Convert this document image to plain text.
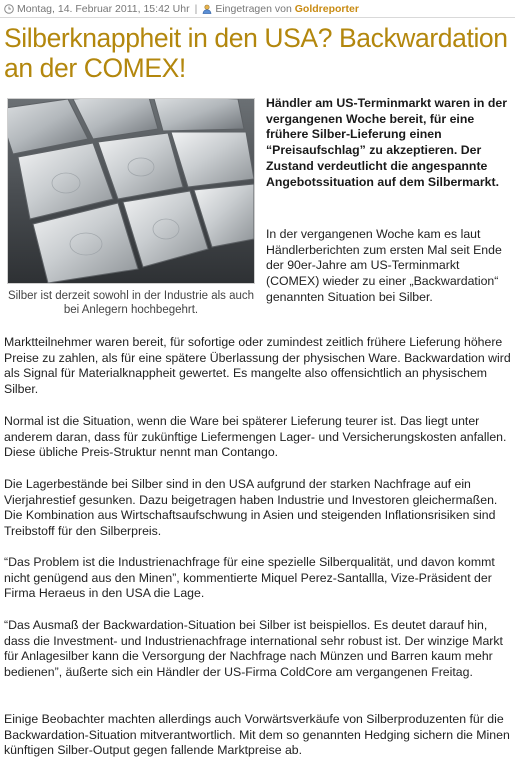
Montag, 14. Februar 2011, 15:42 Uhr | Eingetragen von
Goldreporter
Silberknappheit in den USA? Backwardation an der COMEX!

Silber ist derzeit sowohl in der Industrie als auch bei Anlegern hochbegehrt.

Händler am US-Terminmarkt waren in der vergangenen Woche bereit, für eine frühere Silber-Lieferung einen “Preisaufschlag” zu akzeptieren. Der Zustand verdeutlicht die angespannte Angebotssituation auf dem Silbermarkt.

In der vergangenen Woche kam es laut Händlerberichten zum ersten Mal seit Ende der 90er-Jahre am US-Terminmarkt (COMEX) wieder zu einer „Backwardation“ genannten Situation bei Silber.

Marktteilnehmer waren bereit, für sofortige oder zumindest zeitlich frühere Lieferung höhere Preise zu zahlen, als für eine spätere Überlassung der physischen Ware. Backwardation wird als Signal für Materialknappheit gewertet. Es mangelte also offensichtlich an physischem Silber.

Normal ist die Situation, wenn die Ware bei späterer Lieferung teurer ist. Das liegt unter anderem daran, dass für zukünftige Liefermengen Lager- und Versicherungskosten anfallen. Diese übliche Preis-Struktur nennt man Contango.

Die Lagerbestände bei Silber sind in den USA aufgrund der starken Nachfrage auf ein Vierjahrestief gesunken. Dazu beigetragen haben Industrie und Investoren gleichermaßen. Die Kombination aus Wirtschaftsaufschwung in Asien und steigenden Inflationsrisiken sind Treibstoff für den Silberpreis.

“Das Problem ist die Industrienachfrage für eine spezielle Silberqualität, und davon kommt nicht genügend aus den Minen”, kommentierte Miquel Perez-Santallla, Vize-Präsident der Firma Heraeus in den USA die Lage.

“Das Ausmaß der Backwardation-Situation bei Silber ist beispiellos. Es deutet darauf hin, dass die Investment- und Industrienachfrage international sehr robust ist. Der winzige Markt für Anlagesilber kann die Versorgung der Nachfrage nach Münzen und Barren kaum mehr bedienen”, äußerte sich ein Händler der US-Firma ColdCore am vergangenen Freitag.

Einige Beobachter machten allerdings auch Vorwärtsverkäufe von Silberproduzenten für die Backwardation-Situation mitverantwortlich. Mit dem so genannten Hedging sichern die Minen künftigen Silber-Output gegen fallende Marktpreise ab.
